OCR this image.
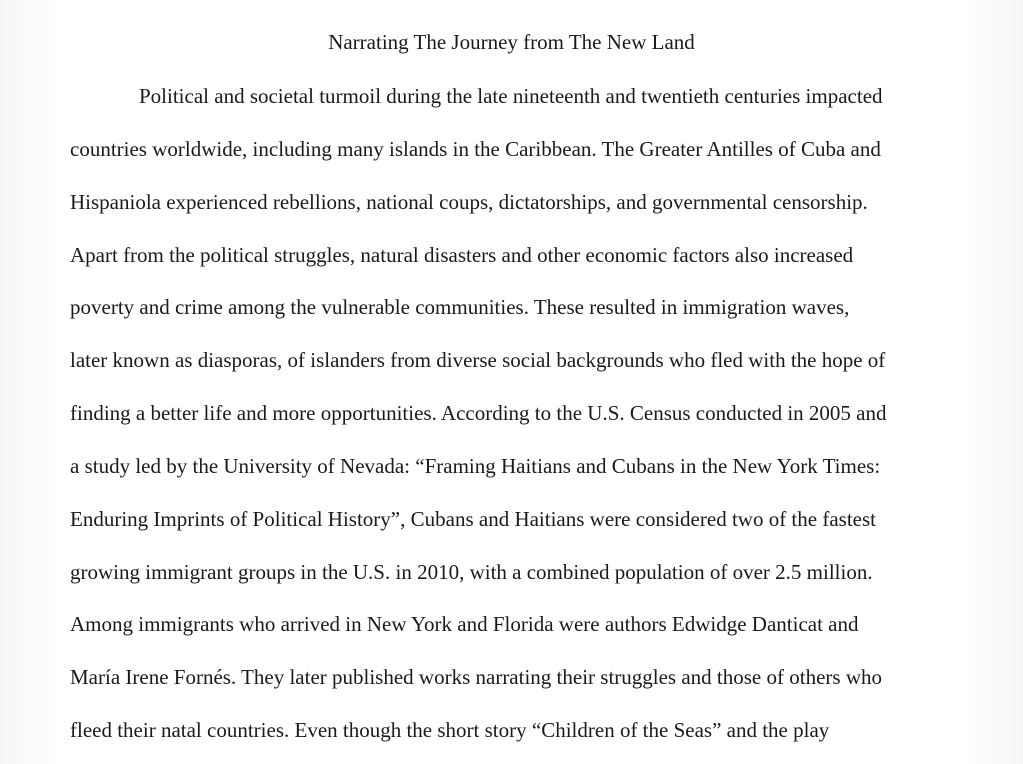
Narrating The Journey from The New Land
Political and societal turmoil during the late nineteenth and twentieth centuries impacted
countries worldwide, including many islands in the Caribbean. The Greater Antilles of Cuba and
Hispaniola experienced rebellions, national coups, dictatorships, and governmental censorship.
Apart from the political struggles, natural disasters and other economic factors also increased
poverty and crime among the vulnerable communities. These resulted in immigration waves,
later known as diasporas, of islanders from diverse social backgrounds who fled with the hope of
finding a better life and more opportunities. According to the U.S. Census conducted in 2005 and
a study led by the University of Nevada: “Framing Haitians and Cubans in the New York Times:
Enduring Imprints of Political History”, Cubans and Haitians were considered two of the fastest
growing immigrant groups in the U.S. in 2010, with a combined population of over 2.5 million.
Among immigrants who arrived in New York and Florida were authors Edwidge Danticat and
María Irene Fornés. They later published works narrating their struggles and those of others who
fleed their natal countries. Even though the short story “Children of the Seas” and the play
